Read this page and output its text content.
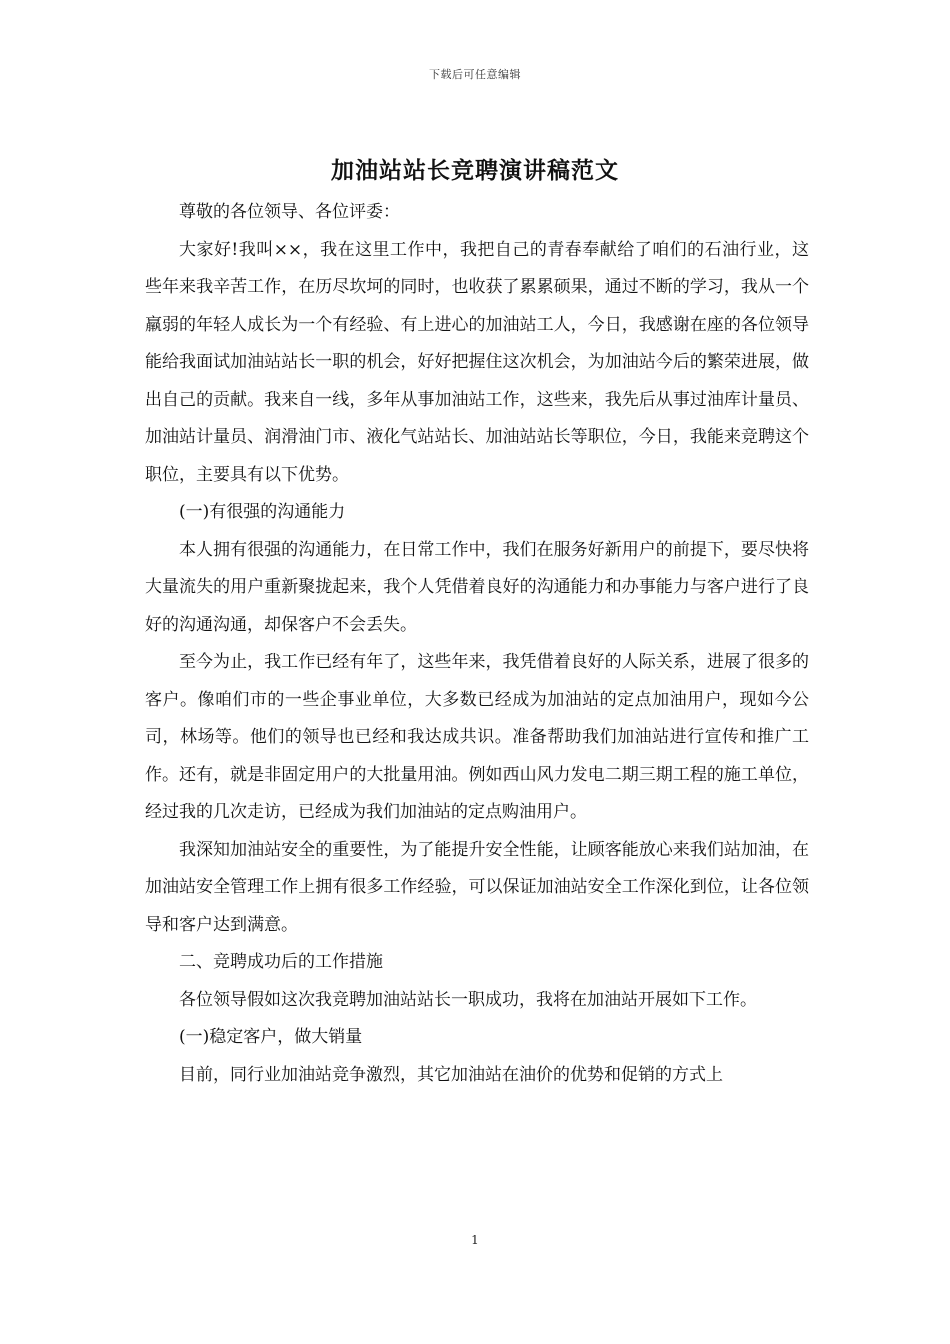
下载后可任意编辑
加油站站长竞聘演讲稿范文

尊敬的各位领导、各位评委：

大家好!我叫××，我在这里工作中，我把自己的青春奉献给了咱们的石油行业，这些年来我辛苦工作，在历尽坎坷的同时，也收获了累累硕果，通过不断的学习，我从一个羸弱的年轻人成长为一个有经验、有上进心的加油站工人，今日，我感谢在座的各位领导能给我面试加油站站长一职的机会，好好把握住这次机会，为加油站今后的繁荣进展，做出自己的贡献。我来自一线，多年从事加油站工作，这些来，我先后从事过油库计量员、加油站计量员、润滑油门市、液化气站站长、加油站站长等职位，今日，我能来竞聘这个职位，主要具有以下优势。

(一)有很强的沟通能力

本人拥有很强的沟通能力，在日常工作中，我们在服务好新用户的前提下，要尽快将大量流失的用户重新聚拢起来，我个人凭借着良好的沟通能力和办事能力与客户进行了良好的沟通沟通，却保客户不会丢失。

至今为止，我工作已经有年了，这些年来，我凭借着良好的人际关系，进展了很多的客户。像咱们市的一些企事业单位，大多数已经成为加油站的定点加油用户，现如今公司，林场等。他们的领导也已经和我达成共识。准备帮助我们加油站进行宣传和推广工作。还有，就是非固定用户的大批量用油。例如西山风力发电二期三期工程的施工单位，经过我的几次走访，已经成为我们加油站的定点购油用户。

我深知加油站安全的重要性，为了能提升安全性能，让顾客能放心来我们站加油，在加油站安全管理工作上拥有很多工作经验，可以保证加油站安全工作深化到位，让各位领导和客户达到满意。

二、竞聘成功后的工作措施

各位领导假如这次我竞聘加油站站长一职成功，我将在加油站开展如下工作。

(一)稳定客户，做大销量

目前，同行业加油站竞争激烈，其它加油站在油价的优势和促销的方式上

1
